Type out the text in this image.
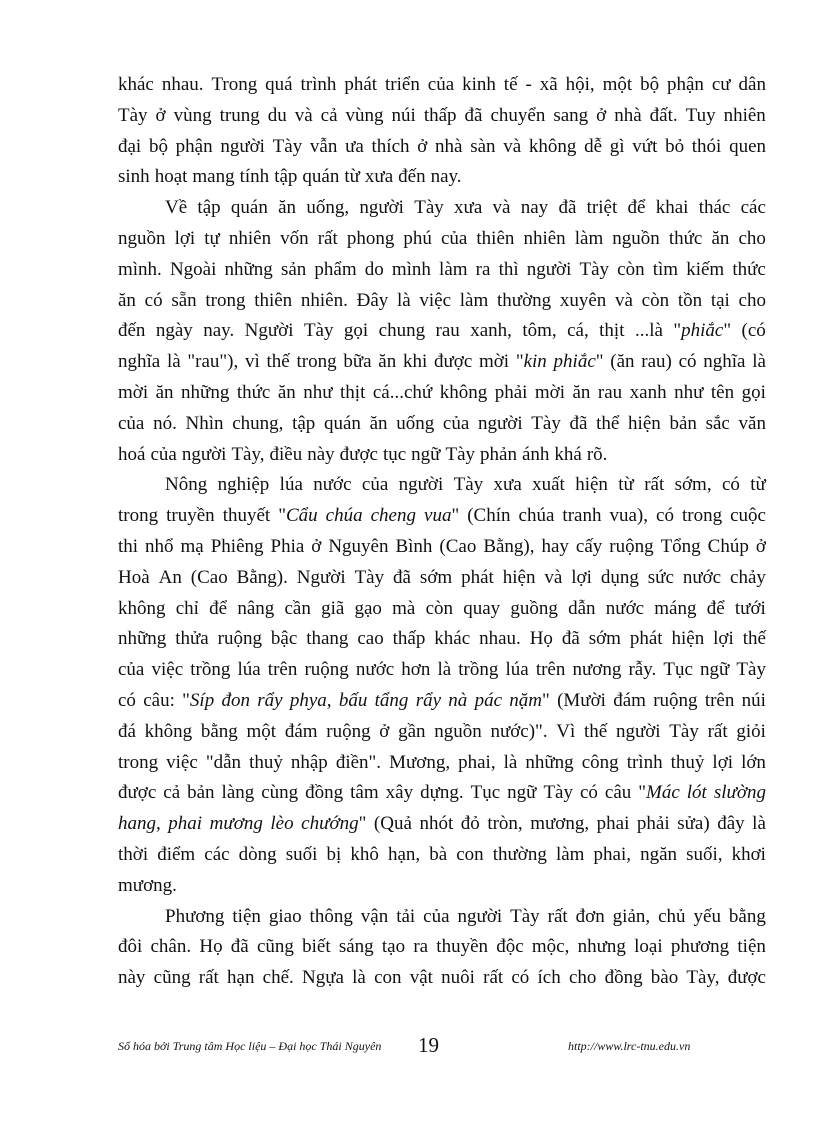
khác nhau. Trong quá trình phát triển của kinh tế - xã hội, một bộ phận cư dân
Tày ở vùng trung du và cả vùng núi thấp đã chuyển sang ở nhà đất. Tuy nhiên
đại bộ phận người Tày vẫn ưa thích ở nhà sàn và không dễ gì vứt bỏ thói quen
sinh hoạt mang tính tập quán từ xưa đến nay.
Về tập quán ăn uống, người Tày xưa và nay đã triệt để khai thác các
nguồn lợi tự nhiên vốn rất phong phú của thiên nhiên làm nguồn thức ăn cho
mình. Ngoài những sản phẩm do mình làm ra thì người Tày còn tìm kiếm thức
ăn có sẵn trong thiên nhiên. Đây là việc làm thường xuyên và còn tồn tại cho
đến ngày nay. Người Tày gọi chung rau xanh, tôm, cá, thịt ...là "phiắc" (có
nghĩa là "rau"), vì thế trong bữa ăn khi được mời "kin phiắc" (ăn rau) có nghĩa là
mời ăn những thức ăn như thịt cá...chứ không phải mời ăn rau xanh như tên gọi
của nó. Nhìn chung, tập quán ăn uống của người Tày đã thể hiện bản sắc văn
hoá của người Tày, điều này được tục ngữ Tày phản ánh khá rõ.
Nông nghiệp lúa nước của người Tày xưa xuất hiện từ rất sớm, có từ
trong truyền thuyết "Cẩu chúa cheng vua" (Chín chúa tranh vua), có trong cuộc
thi nhổ mạ Phiêng Phia ở Nguyên Bình (Cao Bằng), hay cấy ruộng Tổng Chúp ở
Hoà An (Cao Bằng). Người Tày đã sớm phát hiện và lợi dụng sức nước chảy
không chỉ để nâng cần giã gạo mà còn quay guồng dẫn nước máng để tưới
những thửa ruộng bậc thang cao thấp khác nhau. Họ đã sớm phát hiện lợi thế
của việc trồng lúa trên ruộng nước hơn là trồng lúa trên nương rẫy. Tục ngữ Tày
có câu: "Síp đon rẩy phya, bấu tẩng rẩy nà pác nặm" (Mười đám ruộng trên núi
đá không bằng một đám ruộng ở gần nguồn nước)". Vì thế người Tày rất giỏi
trong việc "dẫn thuỷ nhập điền". Mương, phai, là những công trình thuỷ lợi lớn
được cả bản làng cùng đồng tâm xây dựng. Tục ngữ Tày có câu "Mác lót slường
hang, phai mương lèo chướng" (Quả nhót đỏ tròn, mương, phai phải sửa) đây là
thời điểm các dòng suối bị khô hạn, bà con thường làm phai, ngăn suối, khơi
mương.
Phương tiện giao thông vận tải của người Tày rất đơn giản, chủ yếu bằng
đôi chân. Họ đã cũng biết sáng tạo ra thuyền độc mộc, nhưng loại phương tiện
này cũng rất hạn chế. Ngựa là con vật nuôi rất có ích cho đồng bào Tày, được
Số hóa bởi Trung tâm Học liệu – Đại học Thái Nguyên 19	http://www.lrc-tnu.edu.vn
